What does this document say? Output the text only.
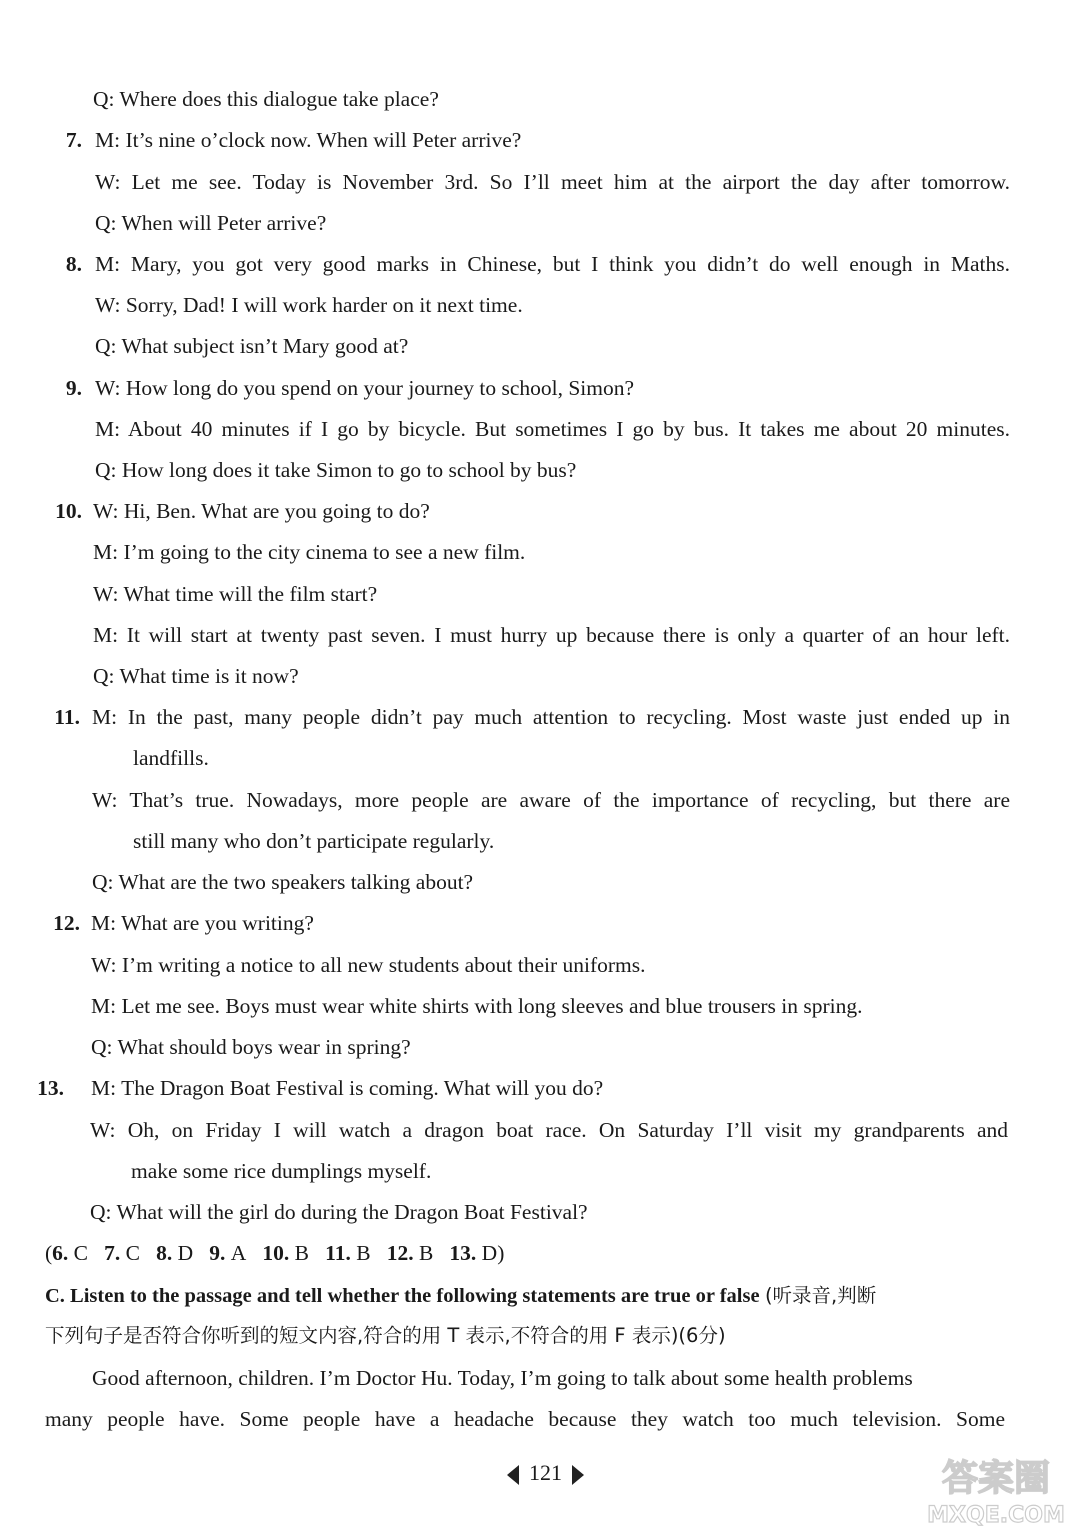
Q: Where does this dialogue take place?
7. M: It’s nine o’clock now. When will Peter arrive?
W: Let me see. Today is November 3rd. So I’ll meet him at the airport the day after tomorrow.
Q: When will Peter arrive?
8. M: Mary, you got very good marks in Chinese, but I think you didn’t do well enough in Maths.
W: Sorry, Dad! I will work harder on it next time.
Q: What subject isn’t Mary good at?
9. W: How long do you spend on your journey to school, Simon?
M: About 40 minutes if I go by bicycle. But sometimes I go by bus. It takes me about 20 minutes.
Q: How long does it take Simon to go to school by bus?
10. W: Hi, Ben. What are you going to do?
M: I’m going to the city cinema to see a new film.
W: What time will the film start?
M: It will start at twenty past seven. I must hurry up because there is only a quarter of an hour left.
Q: What time is it now?
11. M: In the past, many people didn’t pay much attention to recycling. Most waste just ended up in
landfills.
W: That’s true. Nowadays, more people are aware of the importance of recycling, but there are
still many who don’t participate regularly.
Q: What are the two speakers talking about?
12. M: What are you writing?
W: I’m writing a notice to all new students about their uniforms.
M: Let me see. Boys must wear white shirts with long sleeves and blue trousers in spring.
Q: What should boys wear in spring?
13. M: The Dragon Boat Festival is coming. What will you do?
W: Oh, on Friday I will watch a dragon boat race. On Saturday I’ll visit my grandparents and
make some rice dumplings myself.
Q: What will the girl do during the Dragon Boat Festival?
(6. C 7. C 8. D 9. A 10. B 11. B 12. B 13. D)
C. Listen to the passage and tell whether the following statements are true or false (听录音,判断
下列句子是否符合你听到的短文内容,符合的用 T 表示,不符合的用 F 表示)(6分)
Good afternoon, children. I’m Doctor Hu. Today, I’m going to talk about some health problems
many people have. Some people have a headache because they watch too much television. Some
121	答案圈
MXQE.COM
